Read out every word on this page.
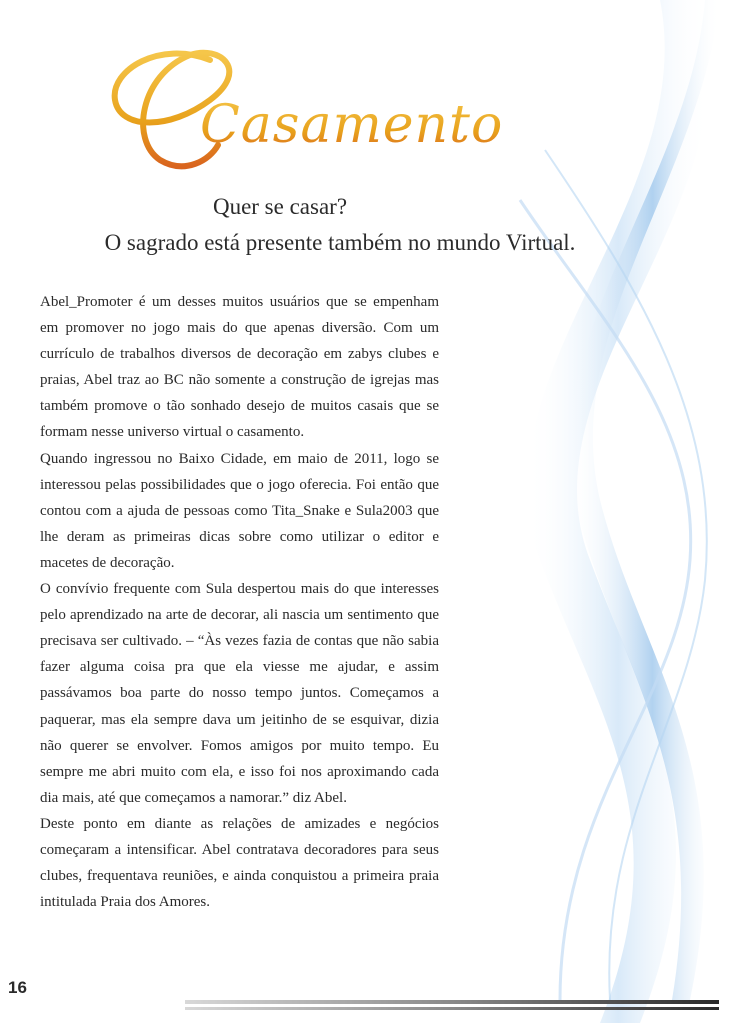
Casamento
Quer se casar?
O sagrado está presente também no mundo Virtual.

Abel_Promoter é um desses muitos usuários que se empenham em promover no jogo mais do que apenas diversão. Com um currículo de trabalhos diversos de decoração em zabys clubes e praias, Abel traz ao BC não somente a construção de igrejas mas também promove o tão sonhado desejo de muitos casais que se formam nesse universo virtual o casamento.

Quando ingressou no Baixo Cidade, em maio de 2011, logo se interessou pelas possibilidades que o jogo oferecia. Foi então que contou com a ajuda de pessoas como Tita_Snake e Sula2003 que lhe deram as primeiras dicas sobre como utilizar o editor e macetes de decoração.

O convívio frequente com Sula despertou mais do que interesses pelo aprendizado na arte de decorar, ali nascia um sentimento que precisava ser cultivado. – “Às vezes fazia de contas que não sabia fazer alguma coisa pra que ela viesse me ajudar, e assim passávamos boa parte do nosso tempo juntos. Começamos a paquerar, mas ela sempre dava um jeitinho de se esquivar, dizia não querer se envolver. Fomos amigos por muito tempo. Eu sempre me abri muito com ela, e isso foi nos aproximando cada dia mais, até que começamos a namorar.” diz Abel.

Deste ponto em diante as relações de amizades e negócios começaram a intensificar. Abel contratava decoradores para seus clubes, frequentava reuniões, e ainda conquistou a primeira praia intitulada Praia dos Amores.

16
